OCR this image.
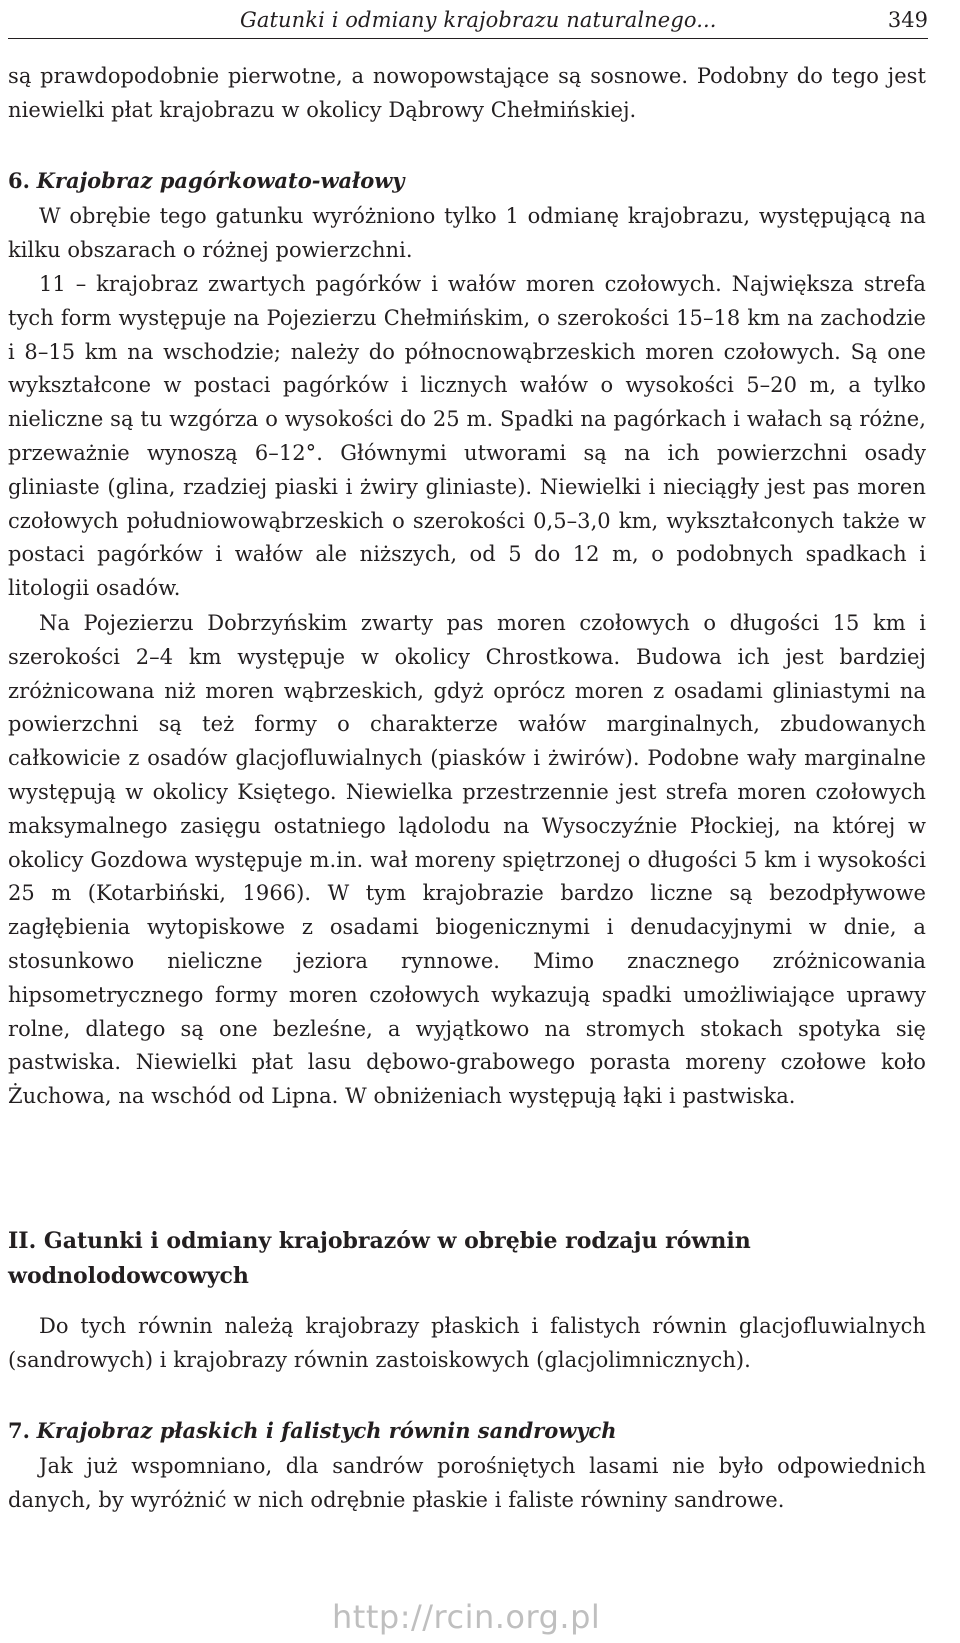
Gatunki i odmiany krajobrazu naturalnego...	349
są prawdopodobnie pierwotne, a nowopowstające są sosnowe. Podobny do tego jest niewielki płat krajobrazu w okolicy Dąbrowy Chełmińskiej.
6. Krajobraz pagórkowato-wałowy
W obrębie tego gatunku wyróżniono tylko 1 odmianę krajobrazu, występującą na kilku obszarach o różnej powierzchni.
11 – krajobraz zwartych pagórków i wałów moren czołowych. Największa strefa tych form występuje na Pojezierzu Chełmińskim, o szerokości 15–18 km na zachodzie i 8–15 km na wschodzie; należy do północnowąbrzeskich moren czołowych. Są one wykształcone w postaci pagórków i licznych wałów o wysokości 5–20 m, a tylko nieliczne są tu wzgórza o wysokości do 25 m. Spadki na pagórkach i wałach są różne, przeważnie wynoszą 6–12°. Głównymi utworami są na ich powierzchni osady gliniaste (glina, rzadziej piaski i żwiry gliniaste). Niewielki i nieciągły jest pas moren czołowych południowowąbrzeskich o szerokości 0,5–3,0 km, wykształconych także w postaci pagórków i wałów ale niższych, od 5 do 12 m, o podobnych spadkach i litologii osadów.
Na Pojezierzu Dobrzyńskim zwarty pas moren czołowych o długości 15 km i szerokości 2–4 km występuje w okolicy Chrostkowa. Budowa ich jest bardziej zróżnicowana niż moren wąbrzeskich, gdyż oprócz moren z osadami gliniastymi na powierzchni są też formy o charakterze wałów marginalnych, zbudowanych całkowicie z osadów glacjofluwialnych (piasków i żwirów). Podobne wały marginalne występują w okolicy Księtego. Niewielka przestrzennie jest strefa moren czołowych maksymalnego zasięgu ostatniego lądolodu na Wysoczyźnie Płockiej, na której w okolicy Gozdowa występuje m.in. wał moreny spiętrzonej o długości 5 km i wysokości 25 m (Kotarbiński, 1966). W tym krajobrazie bardzo liczne są bezodpływowe zagłębienia wytopiskowe z osadami biogenicznymi i denudacyjnymi w dnie, a stosunkowo nieliczne jeziora rynnowe. Mimo znacznego zróżnicowania hipsometrycznego formy moren czołowych wykazują spadki umożliwiające uprawy rolne, dlatego są one bezleśne, a wyjątkowo na stromych stokach spotyka się pastwiska. Niewielki płat lasu dębowo-grabowego porasta moreny czołowe koło Żuchowa, na wschód od Lipna. W obniżeniach występują łąki i pastwiska.
II. Gatunki i odmiany krajobrazów w obrębie rodzaju równin wodnolodowcowych
Do tych równin należą krajobrazy płaskich i falistych równin glacjofluwialnych (sandrowych) i krajobrazy równin zastoiskowych (glacjolimnicznych).
7. Krajobraz płaskich i falistych równin sandrowych
Jak już wspomniano, dla sandrów porośniętych lasami nie było odpowiednich danych, by wyróżnić w nich odrębnie płaskie i faliste równiny sandrowe.
http://rcin.org.pl
